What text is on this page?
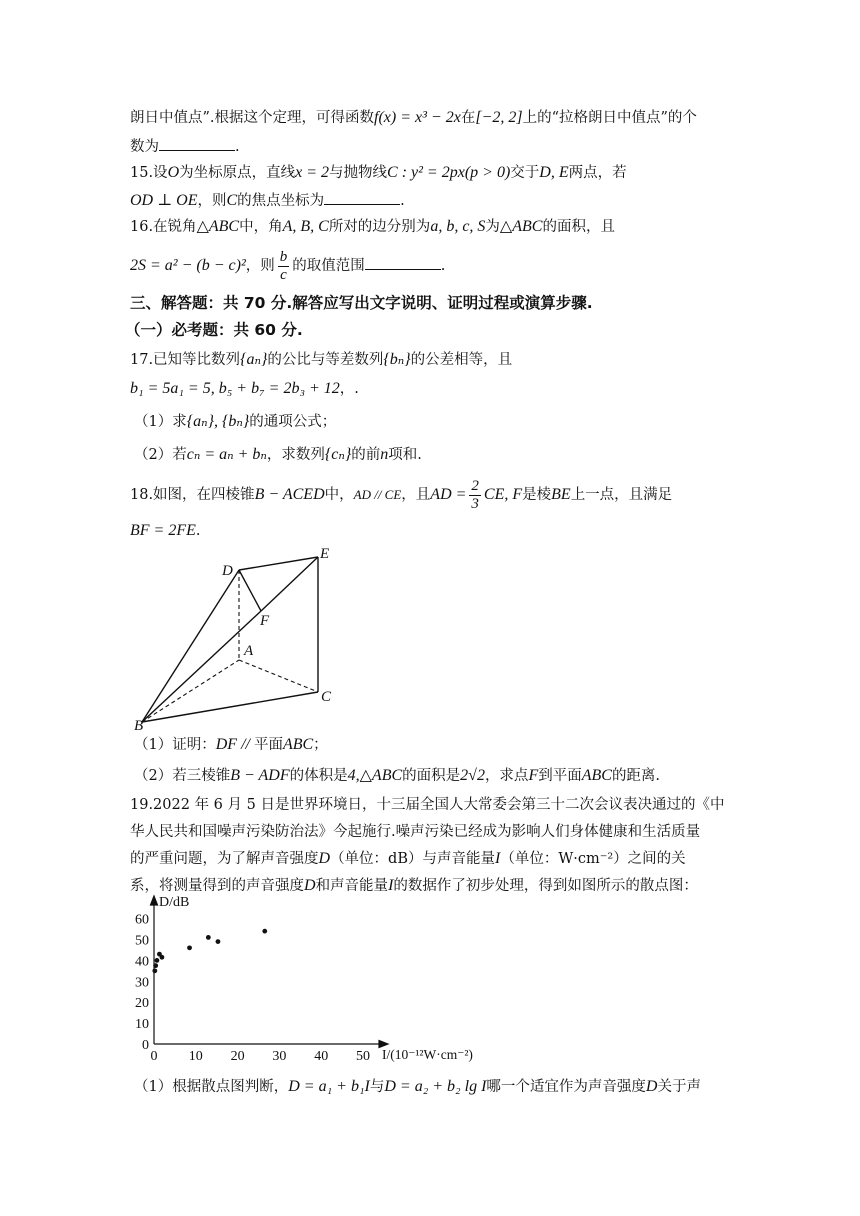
朗日中值点”.根据这个定理，可得函数f(x) = x³ − 2x在[−2, 2]上的“拉格朗日中值点”的个
数为	.
15.设O为坐标原点，直线x = 2与抛物线C : y² = 2px(p > 0)交于D, E两点，若
OD ⊥ OE，则C的焦点坐标为	.
16.在锐角△ABC中，角A, B, C所对的边分别为a, b, c, S为△ABC的面积，且
2S = a² − (b − c)²，则 $\frac{b}{c}$ 的取值范围	.
三、解答题：共 70 分.解答应写出文字说明、证明过程或演算步骤.
（一）必考题：共 60 分.
17.已知等比数列{aₙ}的公比与等差数列{bₙ}的公差相等，且
b₁ = 5a₁ = 5, b₅ + b₇ = 2b₃ + 12，.
（1）求{aₙ}, {bₙ}的通项公式；
（2）若cₙ = aₙ + bₙ，求数列{cₙ}的前n项和.
18.如图，在四棱锥B − ACED中，AD // CE，且AD = $\frac{2}{3}$ CE, F是棱BE上一点，且满足
BF = 2FE.
D
E
F
A
C
B
（1）证明：DF // 平面ABC；
（2）若三棱锥B − ADF的体积是4,△ABC的面积是2√2，求点F到平面ABC的距离.
19.2022 年 6 月 5 日是世界环境日，十三届全国人大常委会第三十二次会议表决通过的《中
华人民共和国噪声污染防治法》今起施行.噪声污染已经成为影响人们身体健康和生活质量
的严重问题，为了解声音强度D（单位：dB）与声音能量I（单位：W·cm⁻²）之间的关
系，将测量得到的声音强度D和声音能量I的数据作了初步处理，得到如图所示的散点图：
D/dB
I/(10⁻¹²W·cm⁻²)
0
10
20
30
40
50
60
0 10 20 30 40 50
（1）根据散点图判断，D = a₁ + b₁I与D = a₂ + b₂ lg I哪一个适宜作为声音强度D关于声
